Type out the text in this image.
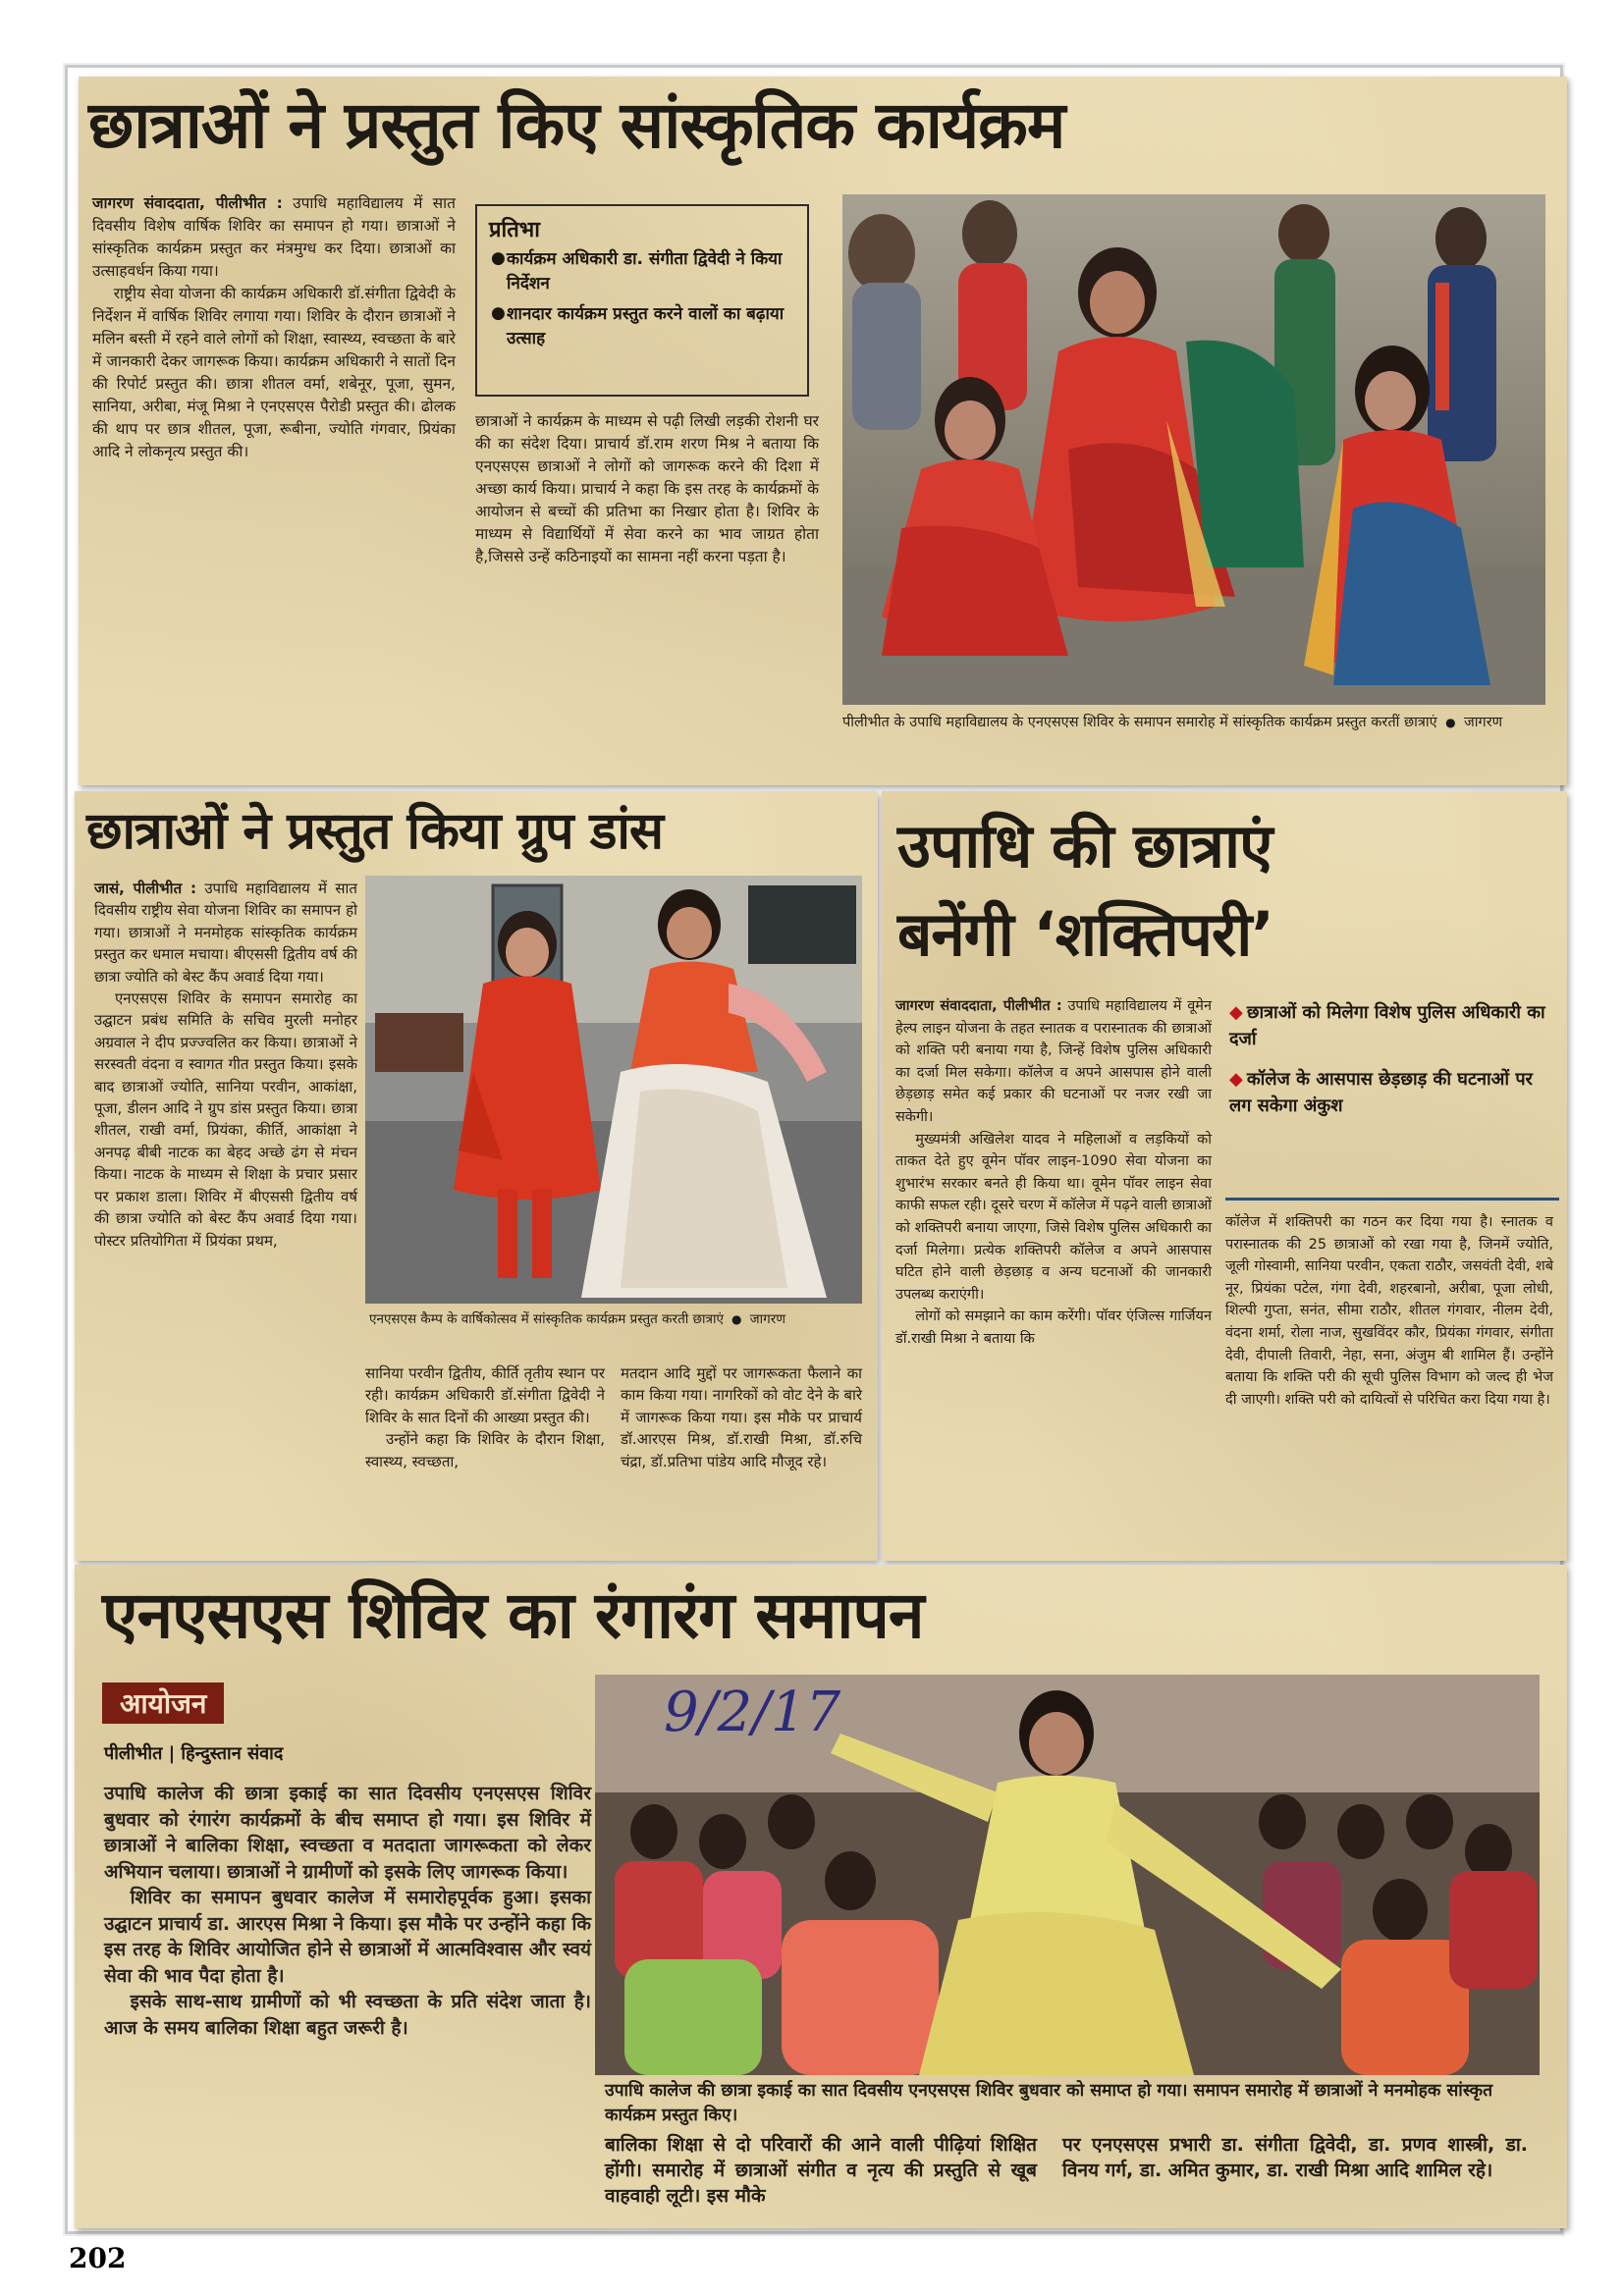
छात्राओं ने प्रस्तुत किए सांस्कृतिक कार्यक्रम

जागरण संवाददाता, पीलीभीत : उपाधि महाविद्यालय में सात दिवसीय विशेष वार्षिक शिविर का समापन हो गया। छात्राओं ने सांस्कृतिक कार्यक्रम प्रस्तुत कर मंत्रमुग्ध कर दिया। छात्राओं का उत्साहवर्धन किया गया।

राष्ट्रीय सेवा योजना की कार्यक्रम अधिकारी डॉ.संगीता द्विवेदी के निर्देशन में वार्षिक शिविर लगाया गया। शिविर के दौरान छात्राओं ने मलिन बस्ती में रहने वाले लोगों को शिक्षा, स्वास्थ्य, स्वच्छता के बारे में जानकारी देकर जागरूक किया। कार्यक्रम अधिकारी ने सातों दिन की रिपोर्ट प्रस्तुत की। छात्रा शीतल वर्मा, शबेनूर, पूजा, सुमन, सानिया, अरीबा, मंजू मिश्रा ने एनएसएस पैरोडी प्रस्तुत की। ढोलक की थाप पर छात्र शीतल, पूजा, रूबीना, ज्योति गंगवार, प्रियंका आदि ने लोकनृत्य प्रस्तुत की।

प्रतिभा
● कार्यक्रम अधिकारी डा. संगीता द्विवेदी ने किया निर्देशन
● शानदार कार्यक्रम प्रस्तुत करने वालों का बढ़ाया उत्साह

छात्राओं ने कार्यक्रम के माध्यम से पढ़ी लिखी लड़की रोशनी घर की का संदेश दिया। प्राचार्य डॉ.राम शरण मिश्र ने बताया कि एनएसएस छात्राओं ने लोगों को जागरूक करने की दिशा में अच्छा कार्य किया। प्राचार्य ने कहा कि इस तरह के कार्यक्रमों के आयोजन से बच्चों की प्रतिभा का निखार होता है। शिविर के माध्यम से विद्यार्थियों में सेवा करने का भाव जाग्रत होता है,जिससे उन्हें कठिनाइयों का सामना नहीं करना पड़ता है।

पीलीभीत के उपाधि महाविद्यालय के एनएसएस शिविर के समापन समारोह में सांस्कृतिक कार्यक्रम प्रस्तुत करतीं छात्राएं  ●  जागरण
छात्राओं ने प्रस्तुत किया ग्रुप डांस

जासं, पीलीभीत : उपाधि महाविद्यालय में सात दिवसीय राष्ट्रीय सेवा योजना शिविर का समापन हो गया। छात्राओं ने मनमोहक सांस्कृतिक कार्यक्रम प्रस्तुत कर धमाल मचाया। बीएससी द्वितीय वर्ष की छात्रा ज्योति को बेस्ट कैंप अवार्ड दिया गया।

एनएसएस शिविर के समापन समारोह का उद्घाटन प्रबंध समिति के सचिव मुरली मनोहर अग्रवाल ने दीप प्रज्ज्वलित कर किया। छात्राओं ने सरस्वती वंदना व स्वागत गीत प्रस्तुत किया। इसके बाद छात्राओं ज्योति, सानिया परवीन, आकांक्षा, पूजा, डीलन आदि ने ग्रुप डांस प्रस्तुत किया। छात्रा शीतल, राखी वर्मा, प्रियंका, कीर्ति, आकांक्षा ने अनपढ़ बीबी नाटक का बेहद अच्छे ढंग से मंचन किया। नाटक के माध्यम से शिक्षा के प्रचार प्रसार पर प्रकाश डाला। शिविर में बीएससी द्वितीय वर्ष की छात्रा ज्योति को बेस्ट कैंप अवार्ड दिया गया। पोस्टर प्रतियोगिता में प्रियंका प्रथम,

एनएसएस कैम्प के वार्षिकोत्सव में सांस्कृतिक कार्यक्रम प्रस्तुत करती छात्राएं  ●  जागरण

सानिया परवीन द्वितीय, कीर्ति तृतीय स्थान पर रही। कार्यक्रम अधिकारी डॉ.संगीता द्विवेदी ने शिविर के सात दिनों की आख्या प्रस्तुत की।

उन्होंने कहा कि शिविर के दौरान शिक्षा, स्वास्थ्य, स्वच्छता,

मतदान आदि मुद्दों पर जागरूकता फैलाने का काम किया गया। नागरिकों को वोट देने के बारे में जागरूक किया गया। इस मौके पर प्राचार्य डॉ.आरएस मिश्र, डॉ.राखी मिश्रा, डॉ.रुचि चंद्रा, डॉ.प्रतिभा पांडेय आदि मौजूद रहे।

उपाधि की छात्राएं
बनेंगी ‘शक्तिपरी’

जागरण संवाददाता, पीलीभीत : उपाधि महाविद्यालय में वूमेन हेल्प लाइन योजना के तहत स्नातक व परास्नातक की छात्राओं को शक्ति परी बनाया गया है, जिन्हें विशेष पुलिस अधिकारी का दर्जा मिल सकेगा। कॉलेज व अपने आसपास होने वाली छेड़छाड़ समेत कई प्रकार की घटनाओं पर नजर रखी जा सकेगी।

मुख्यमंत्री अखिलेश यादव ने महिलाओं व लड़कियों को ताकत देते हुए वूमेन पॉवर लाइन-1090 सेवा योजना का शुभारंभ सरकार बनते ही किया था। वूमेन पॉवर लाइन सेवा काफी सफल रही। दूसरे चरण में कॉलेज में पढ़ने वाली छात्राओं को शक्तिपरी बनाया जाएगा, जिसे विशेष पुलिस अधिकारी का दर्जा मिलेगा। प्रत्येक शक्तिपरी कॉलेज व अपने आसपास घटित होने वाली छेड़छाड़ व अन्य घटनाओं की जानकारी उपलब्ध कराएंगी।

लोगों को समझाने का काम करेंगी। पॉवर एंजिल्स गार्जियन डॉ.राखी मिश्रा ने बताया कि

◆ छात्राओं को मिलेगा विशेष पुलिस अधिकारी का दर्जा
◆ कॉलेज के आसपास छेड़छाड़ की घटनाओं पर लग सकेगा अंकुश

कॉलेज में शक्तिपरी का गठन कर दिया गया है। स्नातक व परास्नातक की 25 छात्राओं को रखा गया है, जिनमें ज्योति, जूली गोस्वामी, सानिया परवीन, एकता राठौर, जसवंती देवी, शबे नूर, प्रियंका पटेल, गंगा देवी, शहरबानो, अरीबा, पूजा लोधी, शिल्पी गुप्ता, सनंत, सीमा राठौर, शीतल गंगवार, नीलम देवी, वंदना शर्मा, रोला नाज, सुखविंदर कौर, प्रियंका गंगवार, संगीता देवी, दीपाली तिवारी, नेहा, सना, अंजुम बी शामिल हैं। उन्होंने बताया कि शक्ति परी की सूची पुलिस विभाग को जल्द ही भेज दी जाएगी। शक्ति परी को दायित्वों से परिचित करा दिया गया है।

एनएसएस शिविर का रंगारंग समापन
आयोजन
पीलीभीत | हिन्दुस्तान संवाद

उपाधि कालेज की छात्रा इकाई का सात दिवसीय एनएसएस शिविर बुधवार को रंगारंग कार्यक्रमों के बीच समाप्त हो गया। इस शिविर में छात्राओं ने बालिका शिक्षा, स्वच्छता व मतदाता जागरूकता को लेकर अभियान चलाया। छात्राओं ने ग्रामीणों को इसके लिए जागरूक किया।

शिविर का समापन बुधवार कालेज में समारोहपूर्वक हुआ। इसका उद्घाटन प्राचार्य डा. आरएस मिश्रा ने किया। इस मौके पर उन्होंने कहा कि इस तरह के शिविर आयोजित होने से छात्राओं में आत्मविश्वास और स्वयं सेवा की भाव पैदा होता है।

इसके साथ-साथ ग्रामीणों को भी स्वच्छता के प्रति संदेश जाता है। आज के समय बालिका शिक्षा बहुत जरूरी है।

9/2/17
उपाधि कालेज की छात्रा इकाई का सात दिवसीय एनएसएस शिविर बुधवार को समाप्त हो गया। समापन समारोह में छात्राओं ने मनमोहक सांस्कृत कार्यक्रम प्रस्तुत किए।

बालिका शिक्षा से दो परिवारों की आने वाली पीढ़ियां शिक्षित होंगी। समारोह में छात्राओं संगीत व नृत्य की प्रस्तुति से खूब वाहवाही लूटी। इस मौके

पर एनएसएस प्रभारी डा. संगीता द्विवेदी, डा. प्रणव शास्त्री, डा. विनय गर्ग, डा. अमित कुमार, डा. राखी मिश्रा आदि शामिल रहे।

202
